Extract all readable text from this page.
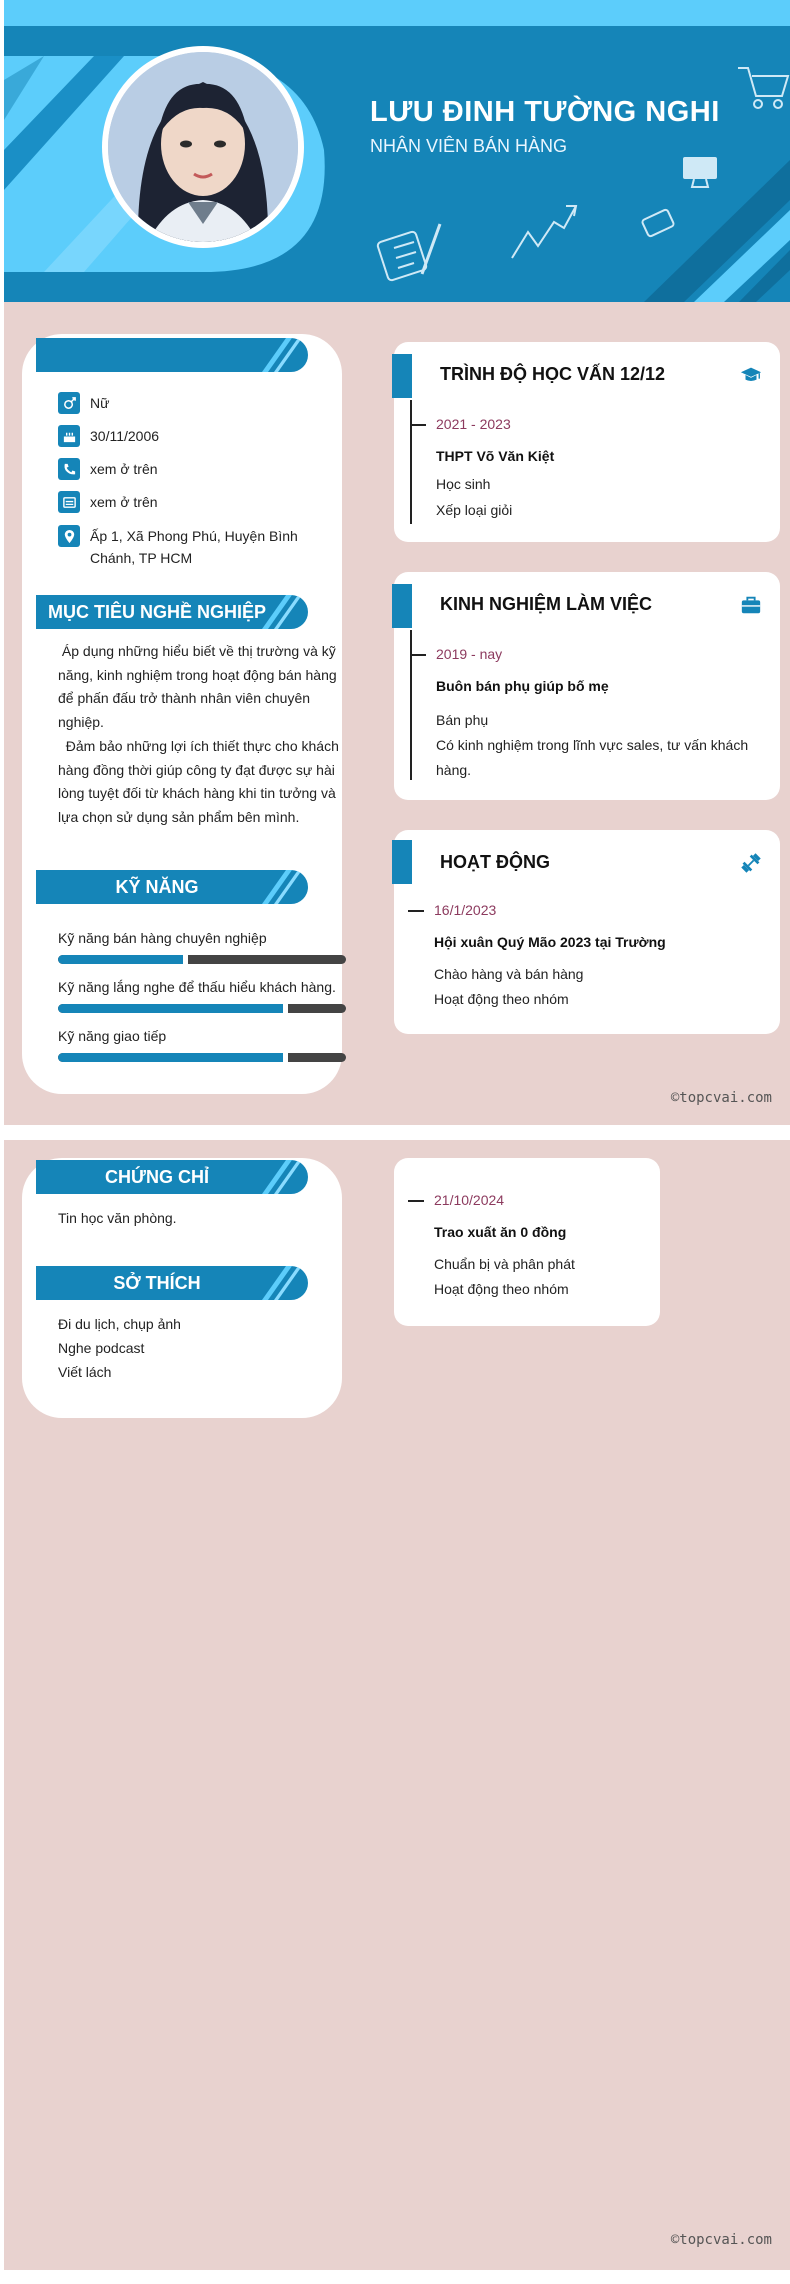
LƯU ĐINH TƯỜNG NGHI
NHÂN VIÊN BÁN HÀNG
Nữ
30/11/2006
xem ở trên
xem ở trên
Ấp 1, Xã Phong Phú, Huyện Bình Chánh, TP HCM
MỤC TIÊU NGHỀ NGHIỆP
Áp dụng những hiểu biết về thị trường và kỹ năng, kinh nghiệm trong hoạt động bán hàng để phấn đấu trở thành nhân viên chuyên nghiệp.
Đảm bảo những lợi ích thiết thực cho khách hàng đồng thời giúp công ty đạt được sự hài lòng tuyệt đối từ khách hàng khi tin tưởng và lựa chọn sử dụng sản phẩm bên mình.
KỸ NĂNG
Kỹ năng bán hàng chuyên nghiệp
Kỹ năng lắng nghe để thấu hiểu khách hàng.
Kỹ năng giao tiếp
TRÌNH ĐỘ HỌC VẤN 12/12
2021 - 2023
THPT Võ Văn Kiệt
Học sinh
Xếp loại giỏi
KINH NGHIỆM LÀM VIỆC
2019 - nay
Buôn bán phụ giúp bố mẹ
Bán phụ
Có kinh nghiệm trong lĩnh vực sales, tư vấn khách hàng.
HOẠT ĐỘNG
16/1/2023
Hội xuân Quý Mão 2023 tại Trường
Chào hàng và bán hàng
Hoạt động theo nhóm
©topcvai.com
CHỨNG CHỈ
Tin học văn phòng.
SỞ THÍCH
Đi du lịch, chụp ảnh
Nghe podcast
Viết lách
21/10/2024
Trao xuất ăn 0 đồng
Chuẩn bị và phân phát
Hoạt động theo nhóm
©topcvai.com
